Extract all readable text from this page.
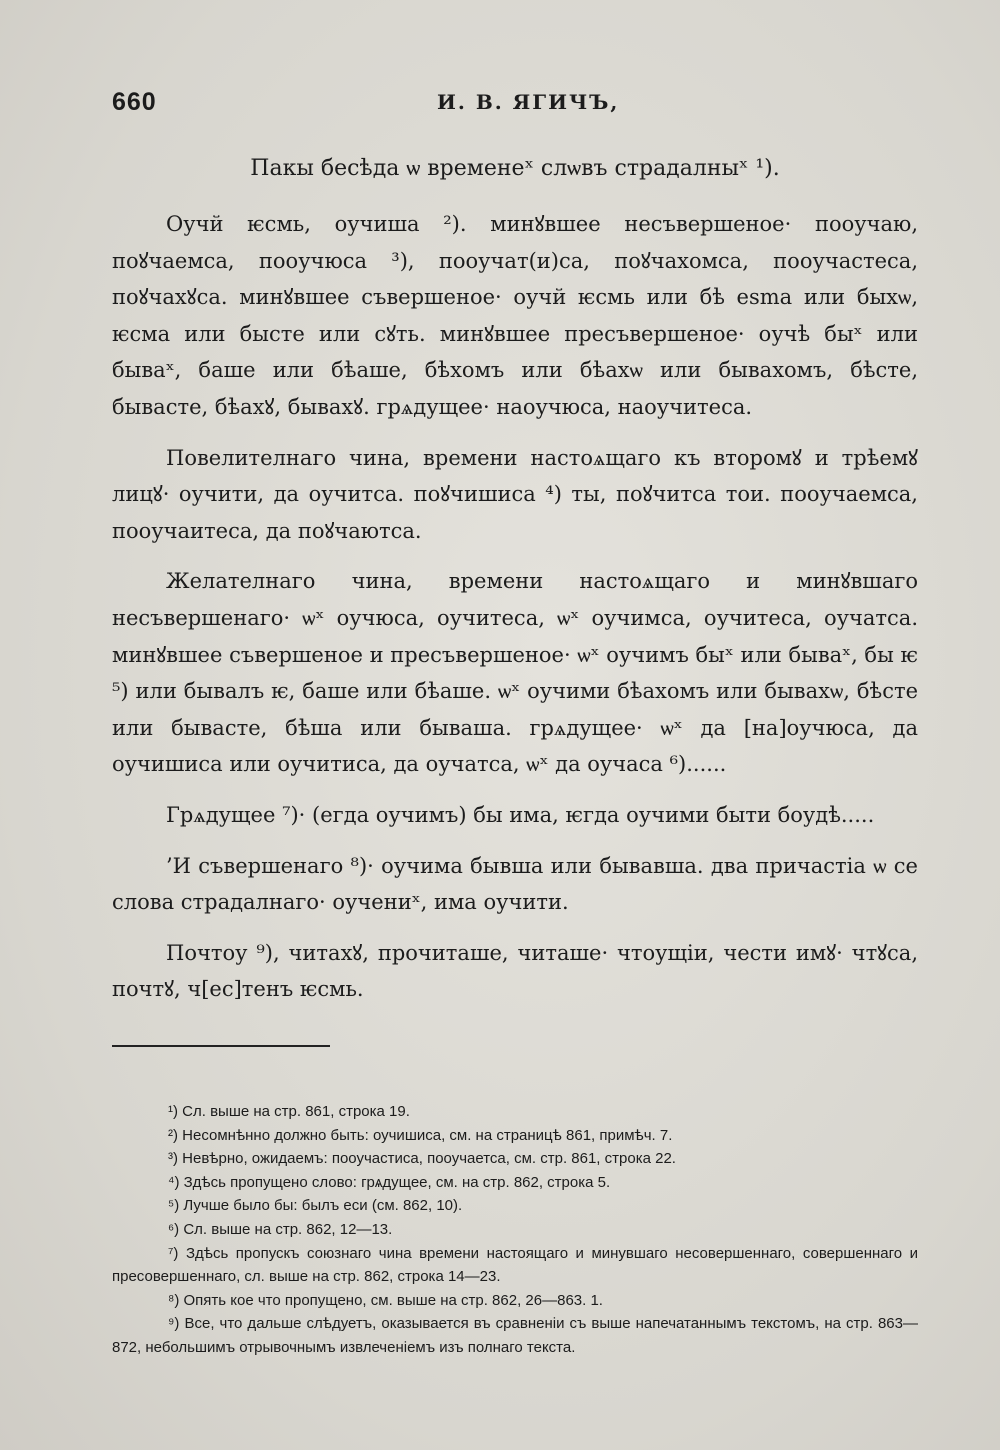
660	И. В. ЯГИЧЪ,
Пакы бесѣда ѡ временеˣ слѡвъ страдалныˣ ¹).

Оучй ѥсмь, оучиша ²). минꙋвшее несъвершеное· пооучаю, поꙋчаемса, пооучюса ³), пооучат(и)са, поꙋчахомса, пооучастеса, поꙋчахꙋса. минꙋвшее съвершеное· оучй ѥсмь или бѣ esma или быхѡ, ѥсма или бысте или сꙋть. минꙋвшее пресъвершеное· оучѣ быˣ или бываˣ, баше или бѣаше, бѣхомъ или бѣахѡ или бывахомъ, бѣсте, бывасте, бѣахꙋ, бывахꙋ. грѧдущее· наоучюса, наоучитеса.

Повелителнаго чина, времени настоѧщаго къ второмꙋ и трѣемꙋ лицꙋ· оучити, да оучитса. поꙋчишиса ⁴) ты, поꙋчитса тои. пооучаемса, пооучаитеса, да поꙋчаютса.

Желателнаго чина, времени настоѧщаго и минꙋвшаго несъвершенаго· ѡˣ оучюса, оучитеса, ѡˣ оучимса, оучитеса, оучатса. минꙋвшее съвершеное и пресъвершеное· ѡˣ оучимъ быˣ или бываˣ, бы ѥ ⁵) или бывалъ ѥ, баше или бѣаше. ѡˣ оучими бѣахомъ или бывахѡ, бѣсте или бывасте, бѣша или бываша. грѧдущее· ѡˣ да [на]оучюса, да оучишиса или оучитиса, да оучатса, ѡˣ да оучаса ⁶)......

Грѧдущее ⁷)· (егда оучимъ) бы има, ѥгда оучими быти боудѣ.....

’И съвершенаго ⁸)· оучима бывша или бывавша. два причастіа ѡ се слова страдалнаго· оучениˣ, има оучити.

Почтоу ⁹), читахꙋ, прочиташе, читаше· чтоущіи, чести имꙋ· чтꙋса, почтꙋ, ч[ес]тенъ ѥсмь.

¹) Сл. выше на стр. 861, строка 19.
²) Несомнѣнно должно быть: оучишиса, см. на страницѣ 861, примѣч. 7.
³) Невѣрно, ожидаемъ: пооучастиса, пооучаетса, см. стр. 861, строка 22.
⁴) Здѣсь пропущено слово: грѧдущее, см. на стр. 862, строка 5.
⁵) Лучше было бы: былъ еси (см. 862, 10).
⁶) Сл. выше на стр. 862, 12—13.
⁷) Здѣсь пропускъ союзнаго чина времени настоящаго и минувшаго несовершеннаго, совершеннаго и пресовершеннаго, сл. выше на стр. 862, строка 14—23.
⁸) Опять кое что пропущено, см. выше на стр. 862, 26—863. 1.
⁹) Все, что дальше слѣдуетъ, оказывается въ сравненіи съ выше напечатаннымъ текстомъ, на стр. 863—872, небольшимъ отрывочнымъ извлеченіемъ изъ полнаго текста.
